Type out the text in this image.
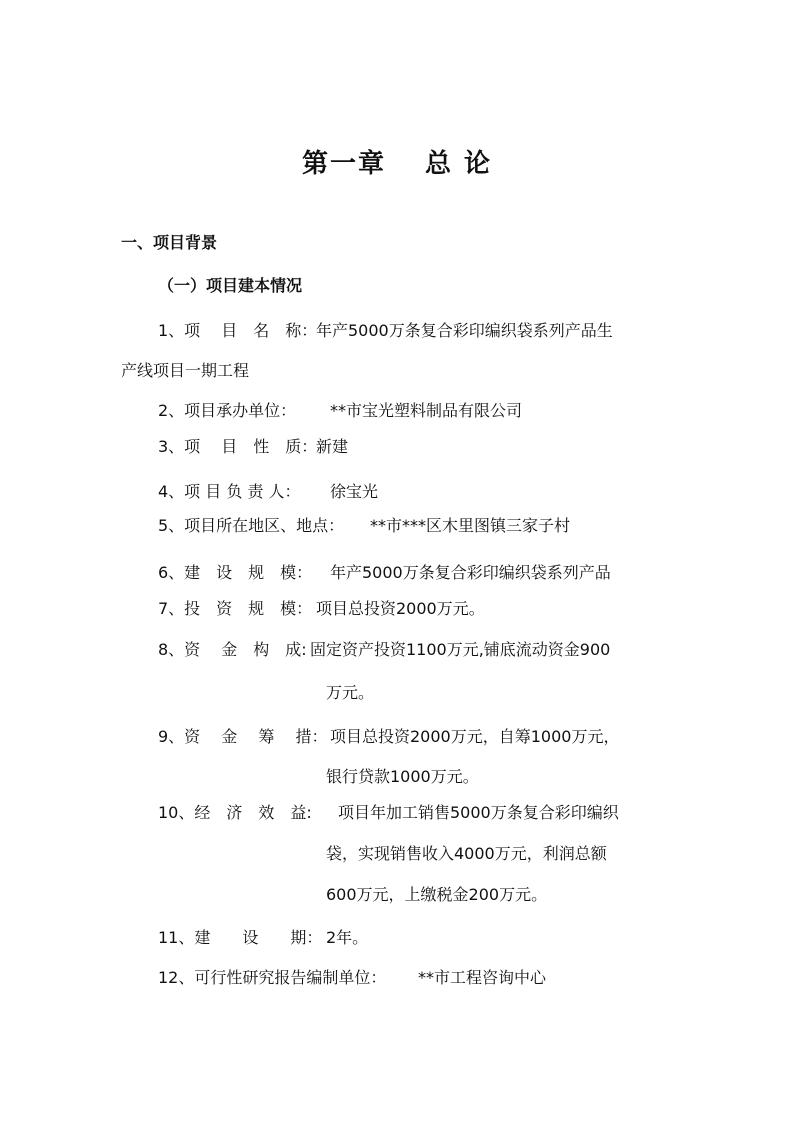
第一章　 总 论
一、项目背景
（一）项目建本情况
1、项　 目　名　称：
年产5000万条复合彩印编织袋系列产品生
产线项目一期工程
2、项目承办单位： **市宝光塑料制品有限公司
3、项　 目　性　质：
新建
4、项 目 负 责 人： 徐宝光
5、项目所在地区、地点： **市***区木里图镇三家子村
6、建　设　规　模： 年产5000万条复合彩印编织袋系列产品
7、投　资　规　模： 项目总投资2000万元。
8、资　 金　构　成: 固定资产投资1100万元,铺底流动资金900
万元。
9、资　 金　 筹　 措： 项目总投资2000万元，自筹1000万元，
银行贷款1000万元。
10、经　济　效　益: 项目年加工销售5000万条复合彩印编织
袋，实现销售收入4000万元，利润总额
600万元，上缴税金200万元。
11、建　　设　　期： 2年。
12、可行性研究报告编制单位： **市工程咨询中心
